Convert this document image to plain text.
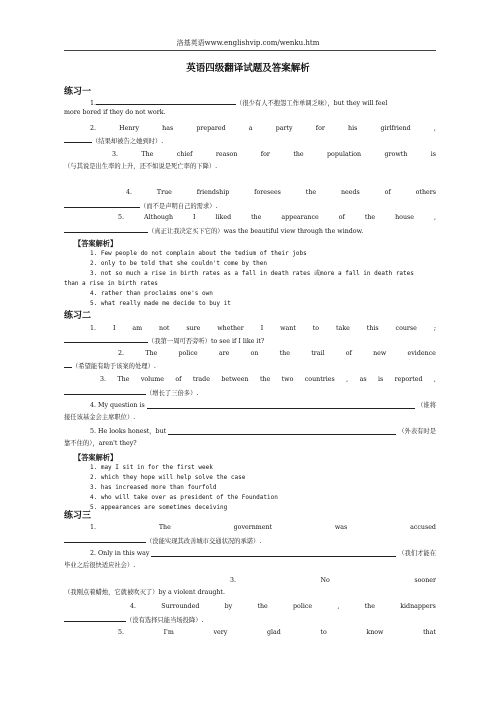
洛基英语www.englishvip.com/wenku.htm
英语四级翻译试题及答案解析
练习一
1.	（很少有人不抱怨工作单调乏味），but they will feel
more bored if they do not work.
2.	Henry	has	prepared	a	party	for	his	girlfriend	,
（结果却被告之她到时）.
3.	The	chief	reason	for	the	population	growth	is
（与其说是出生率的上升，还不如说是死亡率的下降）.
4.	True	friendship	foresees	the	needs	of	others
（而不是声明自己的需求）.
5.	Although	I	liked	the	appearance	of	the	house	,
（真正让我决定买下它的）was the beautiful view through the window.
【答案解析】
1. Few people do not complain about the tedium of their jobs
2. only to be told that she couldn't come by then
3. not so much a rise in birth rates as a fall in death rates 或more a fall in death rates
than a rise in birth rates
4. rather than proclaims one's own
5. what really made me decide to buy it
练习二
1.	I	am	not	sure	whether	I	want	to	take	this	course	;
（我第一周可否旁听）to see if I like it?
2.	The	police	are	on	the	trail	of	new	evidence
（希望能有助于该案的处理）.
3. The volume of trade between the two countries , as is reported ,
（增长了三倍多）.
4. My question is	（谁将
接任该基金会主席职位）.
5. He looks honest，but	（外表有时是
靠不住的），aren't they?
【答案解析】
1. may I sit in for the first week
2. which they hope will help solve the case
3. has increased more than fourfold
4. who will take over as president of the Foundation
5. appearances are sometimes deceiving
练习三
1.	The	government	was	accused
（没能实现其改善城市交通状况的承诺）.
2. Only in this way	（我们才能在
毕业之后很快适应社会）.
3.	No	sooner
（我刚点着蜡烛，它就被吹灭了）by a violent draught.
4.	Surrounded	by	the	police	,	the	kidnappers
（没有选择只能当场投降）.
5.	I'm	very	glad	to	know	that
